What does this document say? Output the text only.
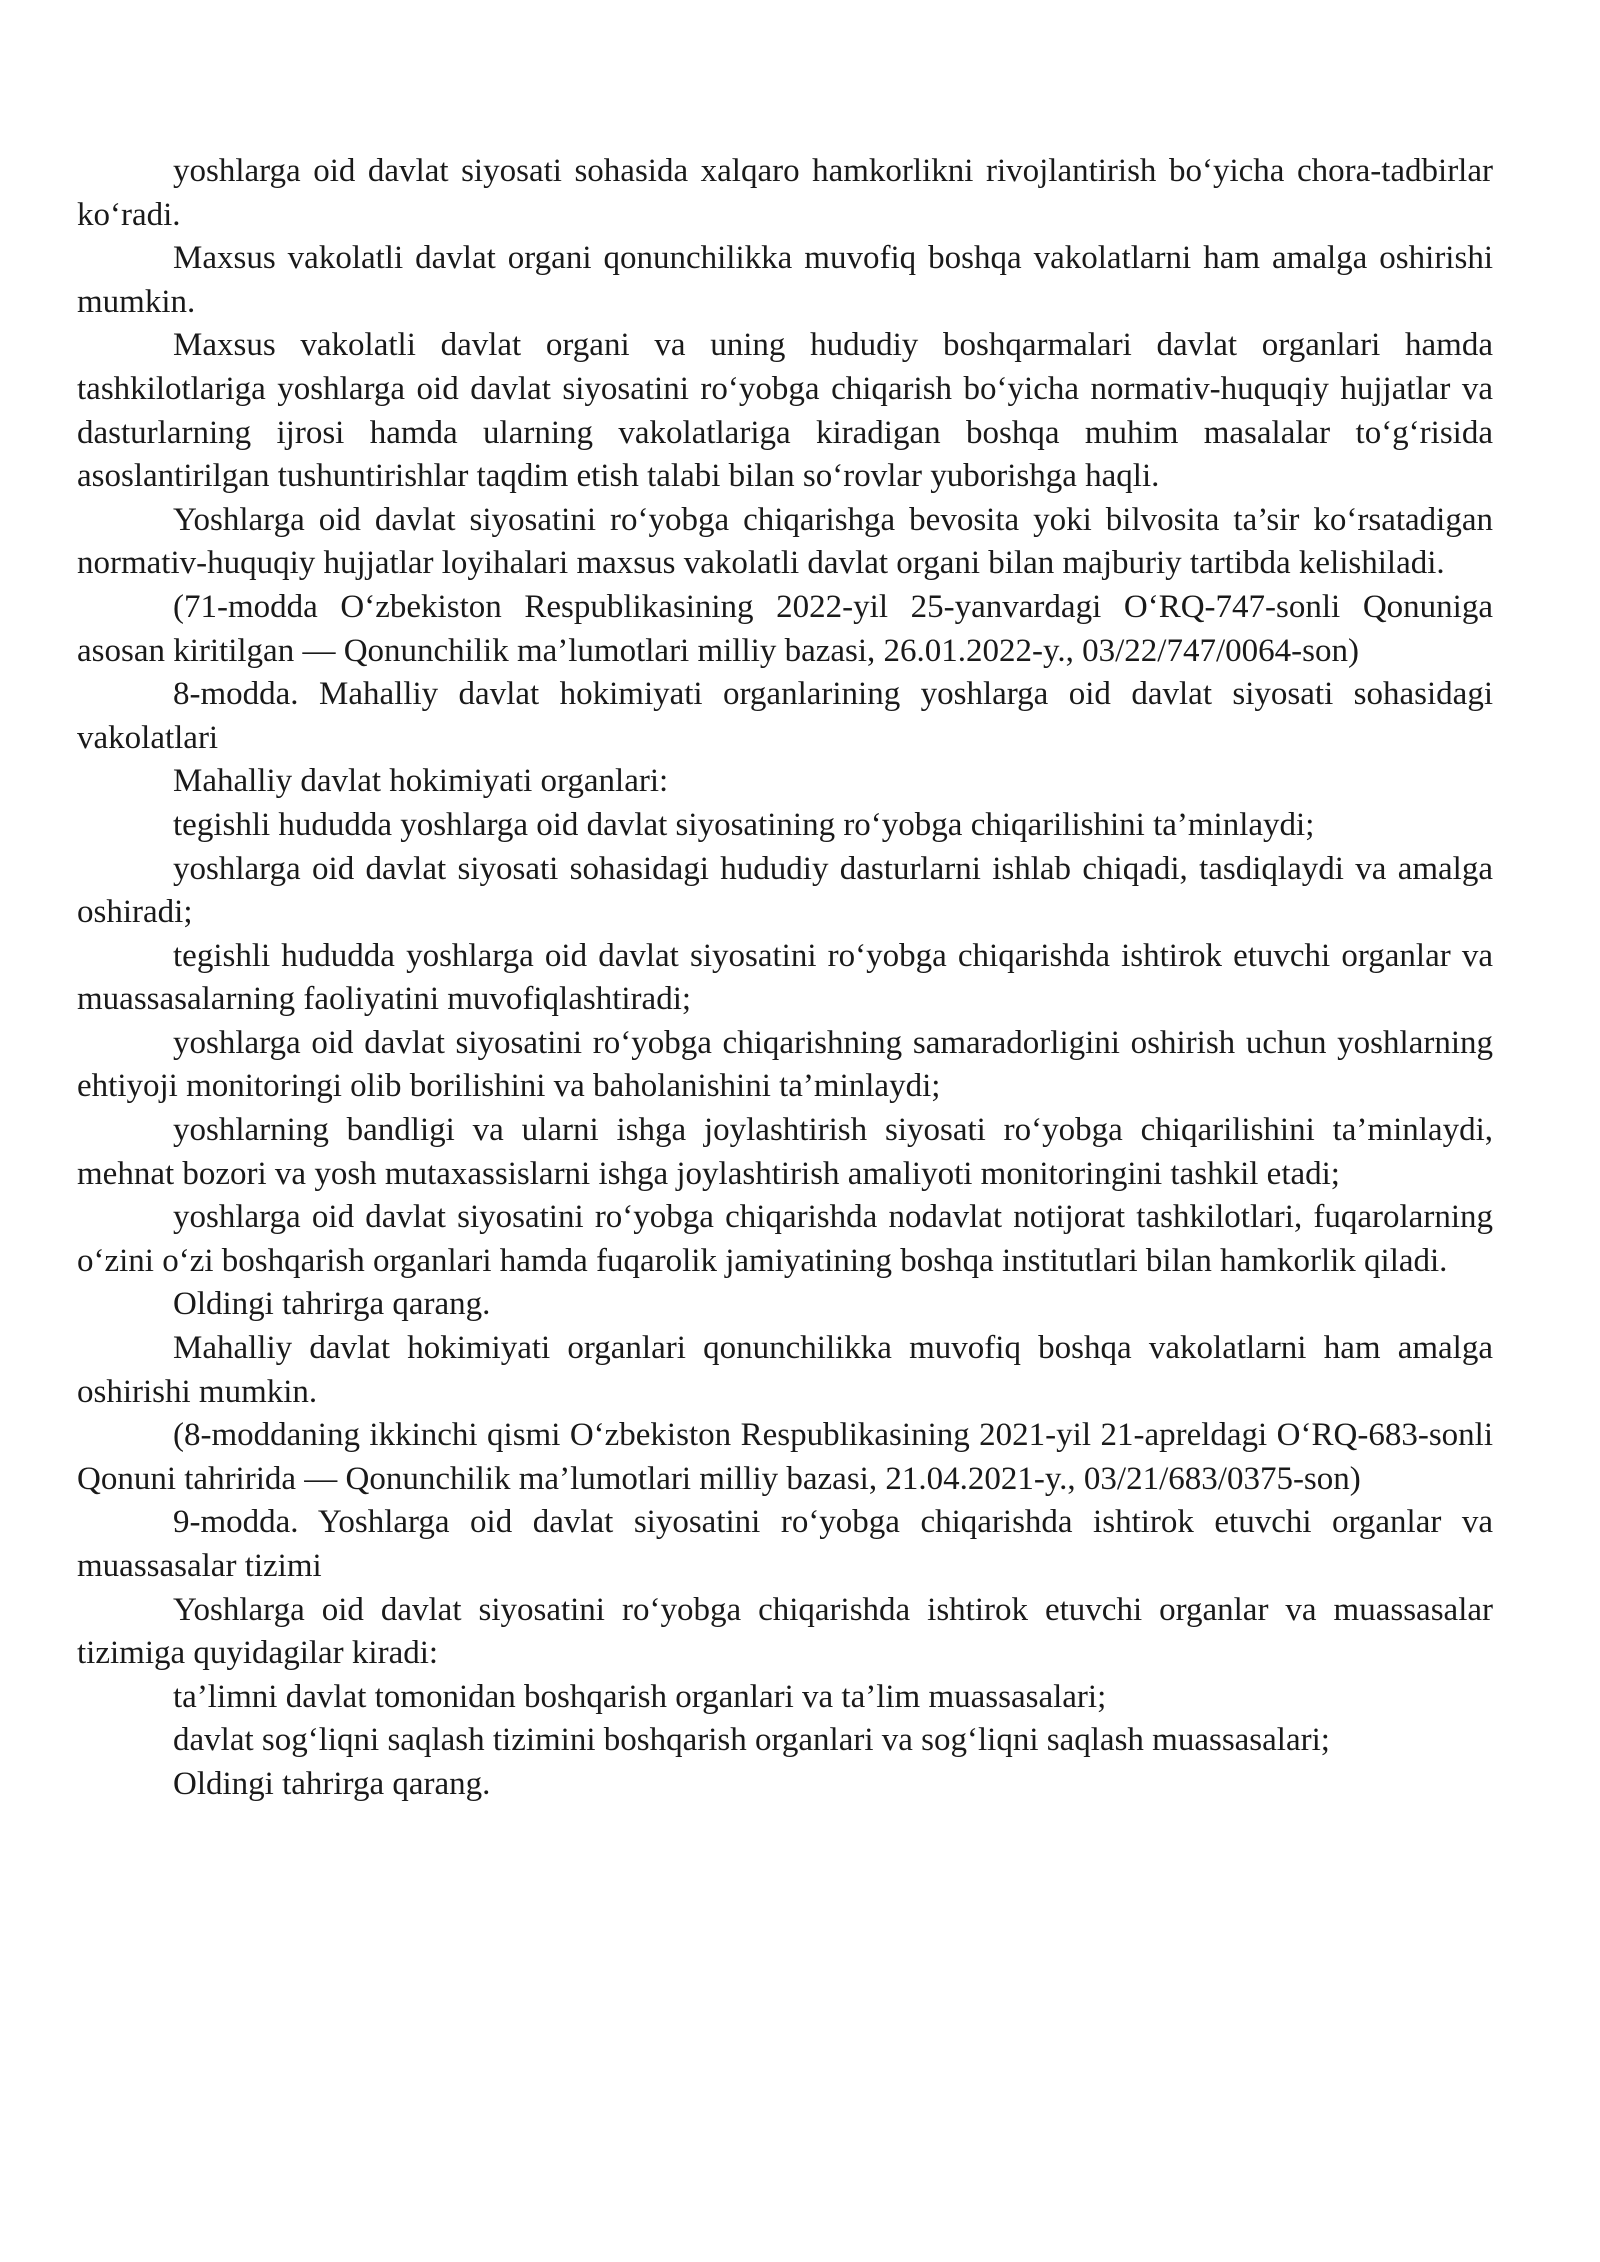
yoshlarga oid davlat siyosati sohasida xalqaro hamkorlikni rivojlantirish bo‘yicha chora-tadbirlar ko‘radi.

Maxsus vakolatli davlat organi qonunchilikka muvofiq boshqa vakolatlarni ham amalga oshirishi mumkin.

Maxsus vakolatli davlat organi va uning hududiy boshqarmalari davlat organlari hamda tashkilotlariga yoshlarga oid davlat siyosatini ro‘yobga chiqarish bo‘yicha normativ-huquqiy hujjatlar va dasturlarning ijrosi hamda ularning vakolatlariga kiradigan boshqa muhim masalalar to‘g‘risida asoslantirilgan tushuntirishlar taqdim etish talabi bilan so‘rovlar yuborishga haqli.

Yoshlarga oid davlat siyosatini ro‘yobga chiqarishga bevosita yoki bilvosita ta’sir ko‘rsatadigan normativ-huquqiy hujjatlar loyihalari maxsus vakolatli davlat organi bilan majburiy tartibda kelishiladi.

(71-modda O‘zbekiston Respublikasining 2022-yil 25-yanvardagi O‘RQ-747-sonli Qonuniga asosan kiritilgan — Qonunchilik ma’lumotlari milliy bazasi, 26.01.2022-y., 03/22/747/0064-son)

8-modda. Mahalliy davlat hokimiyati organlarining yoshlarga oid davlat siyosati sohasidagi vakolatlari

Mahalliy davlat hokimiyati organlari:

tegishli hududda yoshlarga oid davlat siyosatining ro‘yobga chiqarilishini ta’minlaydi;

yoshlarga oid davlat siyosati sohasidagi hududiy dasturlarni ishlab chiqadi, tasdiqlaydi va amalga oshiradi;

tegishli hududda yoshlarga oid davlat siyosatini ro‘yobga chiqarishda ishtirok etuvchi organlar va muassasalarning faoliyatini muvofiqlashtiradi;

yoshlarga oid davlat siyosatini ro‘yobga chiqarishning samaradorligini oshirish uchun yoshlarning ehtiyoji monitoringi olib borilishini va baholanishini ta’minlaydi;

yoshlarning bandligi va ularni ishga joylashtirish siyosati ro‘yobga chiqarilishini ta’minlaydi, mehnat bozori va yosh mutaxassislarni ishga joylashtirish amaliyoti monitoringini tashkil etadi;

yoshlarga oid davlat siyosatini ro‘yobga chiqarishda nodavlat notijorat tashkilotlari, fuqarolarning o‘zini o‘zi boshqarish organlari hamda fuqarolik jamiyatining boshqa institutlari bilan hamkorlik qiladi.

Oldingi tahrirga qarang.

Mahalliy davlat hokimiyati organlari qonunchilikka muvofiq boshqa vakolatlarni ham amalga oshirishi mumkin.

(8-moddaning ikkinchi qismi O‘zbekiston Respublikasining 2021-yil 21-apreldagi O‘RQ-683-sonli Qonuni tahririda — Qonunchilik ma’lumotlari milliy bazasi, 21.04.2021-y., 03/21/683/0375-son)

9-modda. Yoshlarga oid davlat siyosatini ro‘yobga chiqarishda ishtirok etuvchi organlar va muassasalar tizimi

Yoshlarga oid davlat siyosatini ro‘yobga chiqarishda ishtirok etuvchi organlar va muassasalar tizimiga quyidagilar kiradi:

ta’limni davlat tomonidan boshqarish organlari va ta’lim muassasalari;

davlat sog‘liqni saqlash tizimini boshqarish organlari va sog‘liqni saqlash muassasalari;

Oldingi tahrirga qarang.
